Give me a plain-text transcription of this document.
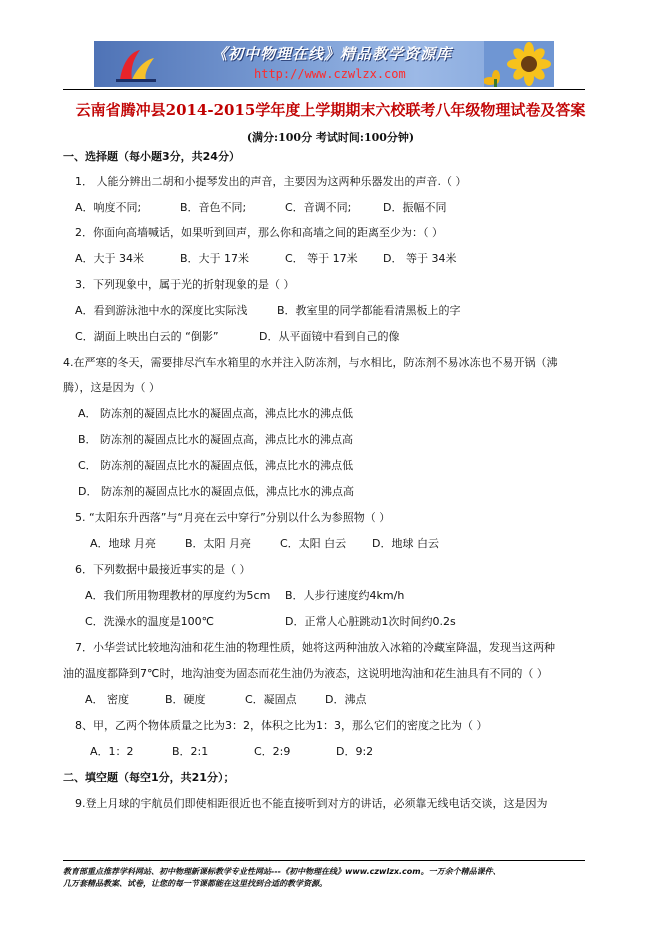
《初中物理在线》精品教学资源库
http://www.czwlzx.com
云南省腾冲县2014-2015学年度上学期期末六校联考八年级物理试卷及答案
(满分:100分 考试时间:100分钟)
一、选择题（每小题3分，共24分）
1． 人能分辨出二胡和小提琴发出的声音，主要因为这两种乐器发出的声音.（ ）
A．响度不同;	B．音色不同;	C．音调不同;	D．振幅不同
2．你面向高墙喊话，如果听到回声，那么你和高墙之间的距离至少为：（ ）
A．大于 34米	B．大于 17米	C． 等于 17米 D． 等于 34米
3．下列现象中，属于光的折射现象的是（ ）
A．看到游泳池中水的深度比实际浅	B．教室里的同学都能看清黑板上的字
C．湖面上映出白云的 “倒影”	D．从平面镜中看到自己的像
4.在严寒的冬天，需要排尽汽车水箱里的水并注入防冻剂，与水相比，防冻剂不易冰冻也不易开锅（沸
腾），这是因为（ ）
A． 防冻剂的凝固点比水的凝固点高，沸点比水的沸点低
B． 防冻剂的凝固点比水的凝固点高，沸点比水的沸点高
C． 防冻剂的凝固点比水的凝固点低，沸点比水的沸点低
D． 防冻剂的凝固点比水的凝固点低，沸点比水的沸点高
5. “太阳东升西落”与“月亮在云中穿行”分别以什么为参照物（ ）
A．地球 月亮	B．太阳 月亮	C．太阳 白云 D．地球 白云
6．下列数据中最接近事实的是（ ）
A．我们所用物理教材的厚度约为5cm B．人步行速度约4km/h
C．洗澡水的温度是100℃	D．正常人心脏跳动1次时间约0.2s
7．小华尝试比较地沟油和花生油的物理性质，她将这两种油放入冰箱的冷藏室降温，发现当这两种
油的温度都降到7℃时，地沟油变为固态而花生油仍为液态，这说明地沟油和花生油具有不同的（ ）
A． 密度	B．硬度	C．凝固点	D．沸点
8、甲，乙两个物体质量之比为3：2，体积之比为1：3，那么它们的密度之比为（ ）
A．1：2	B．2:1	C．2:9	D．9:2
二、填空题（每空1分，共21分）；
9.登上月球的宇航员们即使相距很近也不能直接听到对方的讲话，必须靠无线电话交谈，这是因为
教育部重点推荐学科网站、初中物理新课标教学专业性网站---《初中物理在线》www.czwlzx.com。一万余个精品课件、
几万套精品教案、试卷，让您的每一节课都能在这里找到合适的教学资源。
